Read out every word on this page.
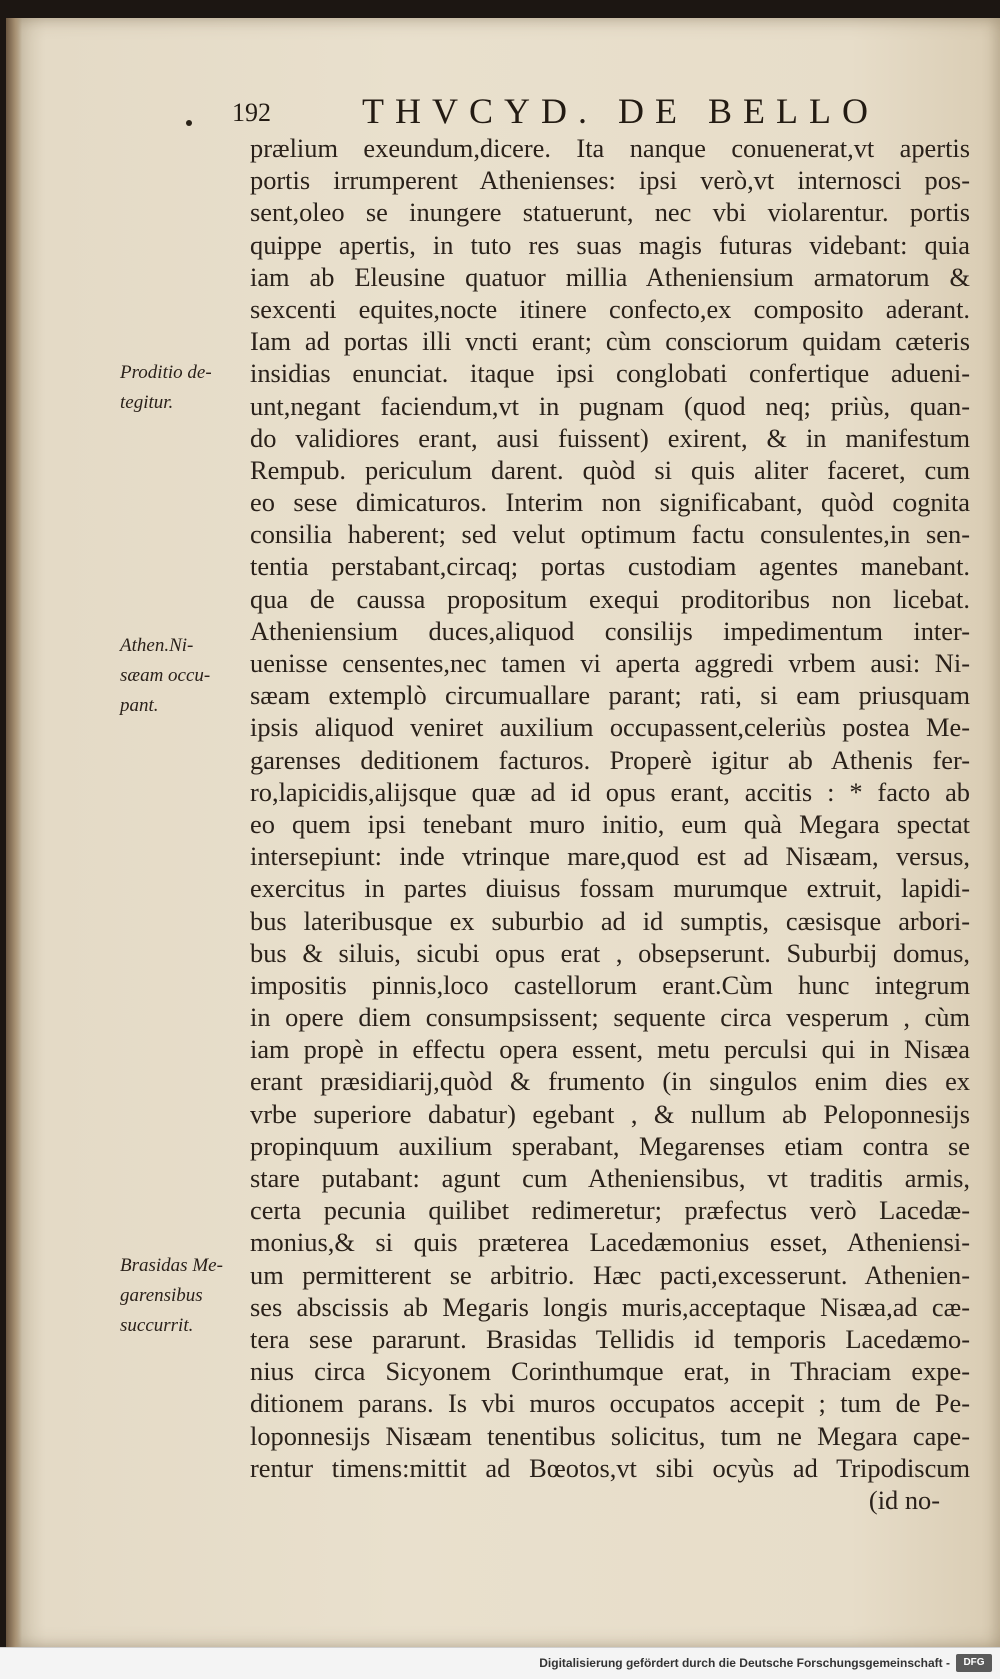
192	THVCYD. DE BELLO
Proditio de-tegitur.
Athen.Ni-sæam occu-pant.
Brasidas Me-garensibus succurrit.
prælium exeundum,dicere. Ita nanque conuenerat,vt apertis
portis irrumperent Athenienses: ipsi verò,vt internosci pos-
sent,oleo se inungere statuerunt, nec vbi violarentur. portis
quippe apertis, in tuto res suas magis futuras videbant: quia
iam ab Eleusine quatuor millia Atheniensium armatorum &
sexcenti equites,nocte itinere confecto,ex composito aderant.
Iam ad portas illi vncti erant; cùm consciorum quidam cæteris
insidias enunciat. itaque ipsi conglobati confertique adueni-
unt,negant faciendum,vt in pugnam (quod neq; priùs, quan-
do validiores erant, ausi fuissent) exirent, & in manifestum
Rempub. periculum darent. quòd si quis aliter faceret, cum
eo sese dimicaturos. Interim non significabant, quòd cognita
consilia haberent; sed velut optimum factu consulentes,in sen-
tentia perstabant,circaq; portas custodiam agentes manebant.
qua de caussa propositum exequi proditoribus non licebat.
Atheniensium duces,aliquod consilijs impedimentum inter-
uenisse censentes,nec tamen vi aperta aggredi vrbem ausi: Ni-
sæam extemplò circumuallare parant; rati, si eam priusquam
ipsis aliquod veniret auxilium occupassent,celeriùs postea Me-
garenses deditionem facturos. Properè igitur ab Athenis fer-
ro,lapicidis,alijsque quæ ad id opus erant, accitis : * facto ab
eo quem ipsi tenebant muro initio, eum quà Megara spectat
intersepiunt: inde vtrinque mare,quod est ad Nisæam, versus,
exercitus in partes diuisus fossam murumque extruit, lapidi-
bus lateribusque ex suburbio ad id sumptis, cæsisque arbori-
bus & siluis, sicubi opus erat , obsepserunt. Suburbij domus,
impositis pinnis,loco castellorum erant.Cùm hunc integrum
in opere diem consumpsissent; sequente circa vesperum , cùm
iam propè in effectu opera essent, metu perculsi qui in Nisæa
erant præsidiarij,quòd & frumento (in singulos enim dies ex
vrbe superiore dabatur) egebant , & nullum ab Peloponnesijs
propinquum auxilium sperabant, Megarenses etiam contra se
stare putabant: agunt cum Atheniensibus, vt traditis armis,
certa pecunia quilibet redimeretur; præfectus verò Lacedæ-
monius,& si quis præterea Lacedæmonius esset, Atheniensi-
um permitterent se arbitrio. Hæc pacti,excesserunt. Athenien-
ses abscissis ab Megaris longis muris,acceptaque Nisæa,ad cæ-
tera sese pararunt. Brasidas Tellidis id temporis Lacedæmo-
nius circa Sicyonem Corinthumque erat, in Thraciam expe-
ditionem parans. Is vbi muros occupatos accepit ; tum de Pe-
loponnesijs Nisæam tenentibus solicitus, tum ne Megara cape-
rentur timens:mittit ad Bœotos,vt sibi ocyùs ad Tripodiscum
(id no-
Digitalisierung gefördert durch die Deutsche Forschungsgemeinschaft -	DFG
